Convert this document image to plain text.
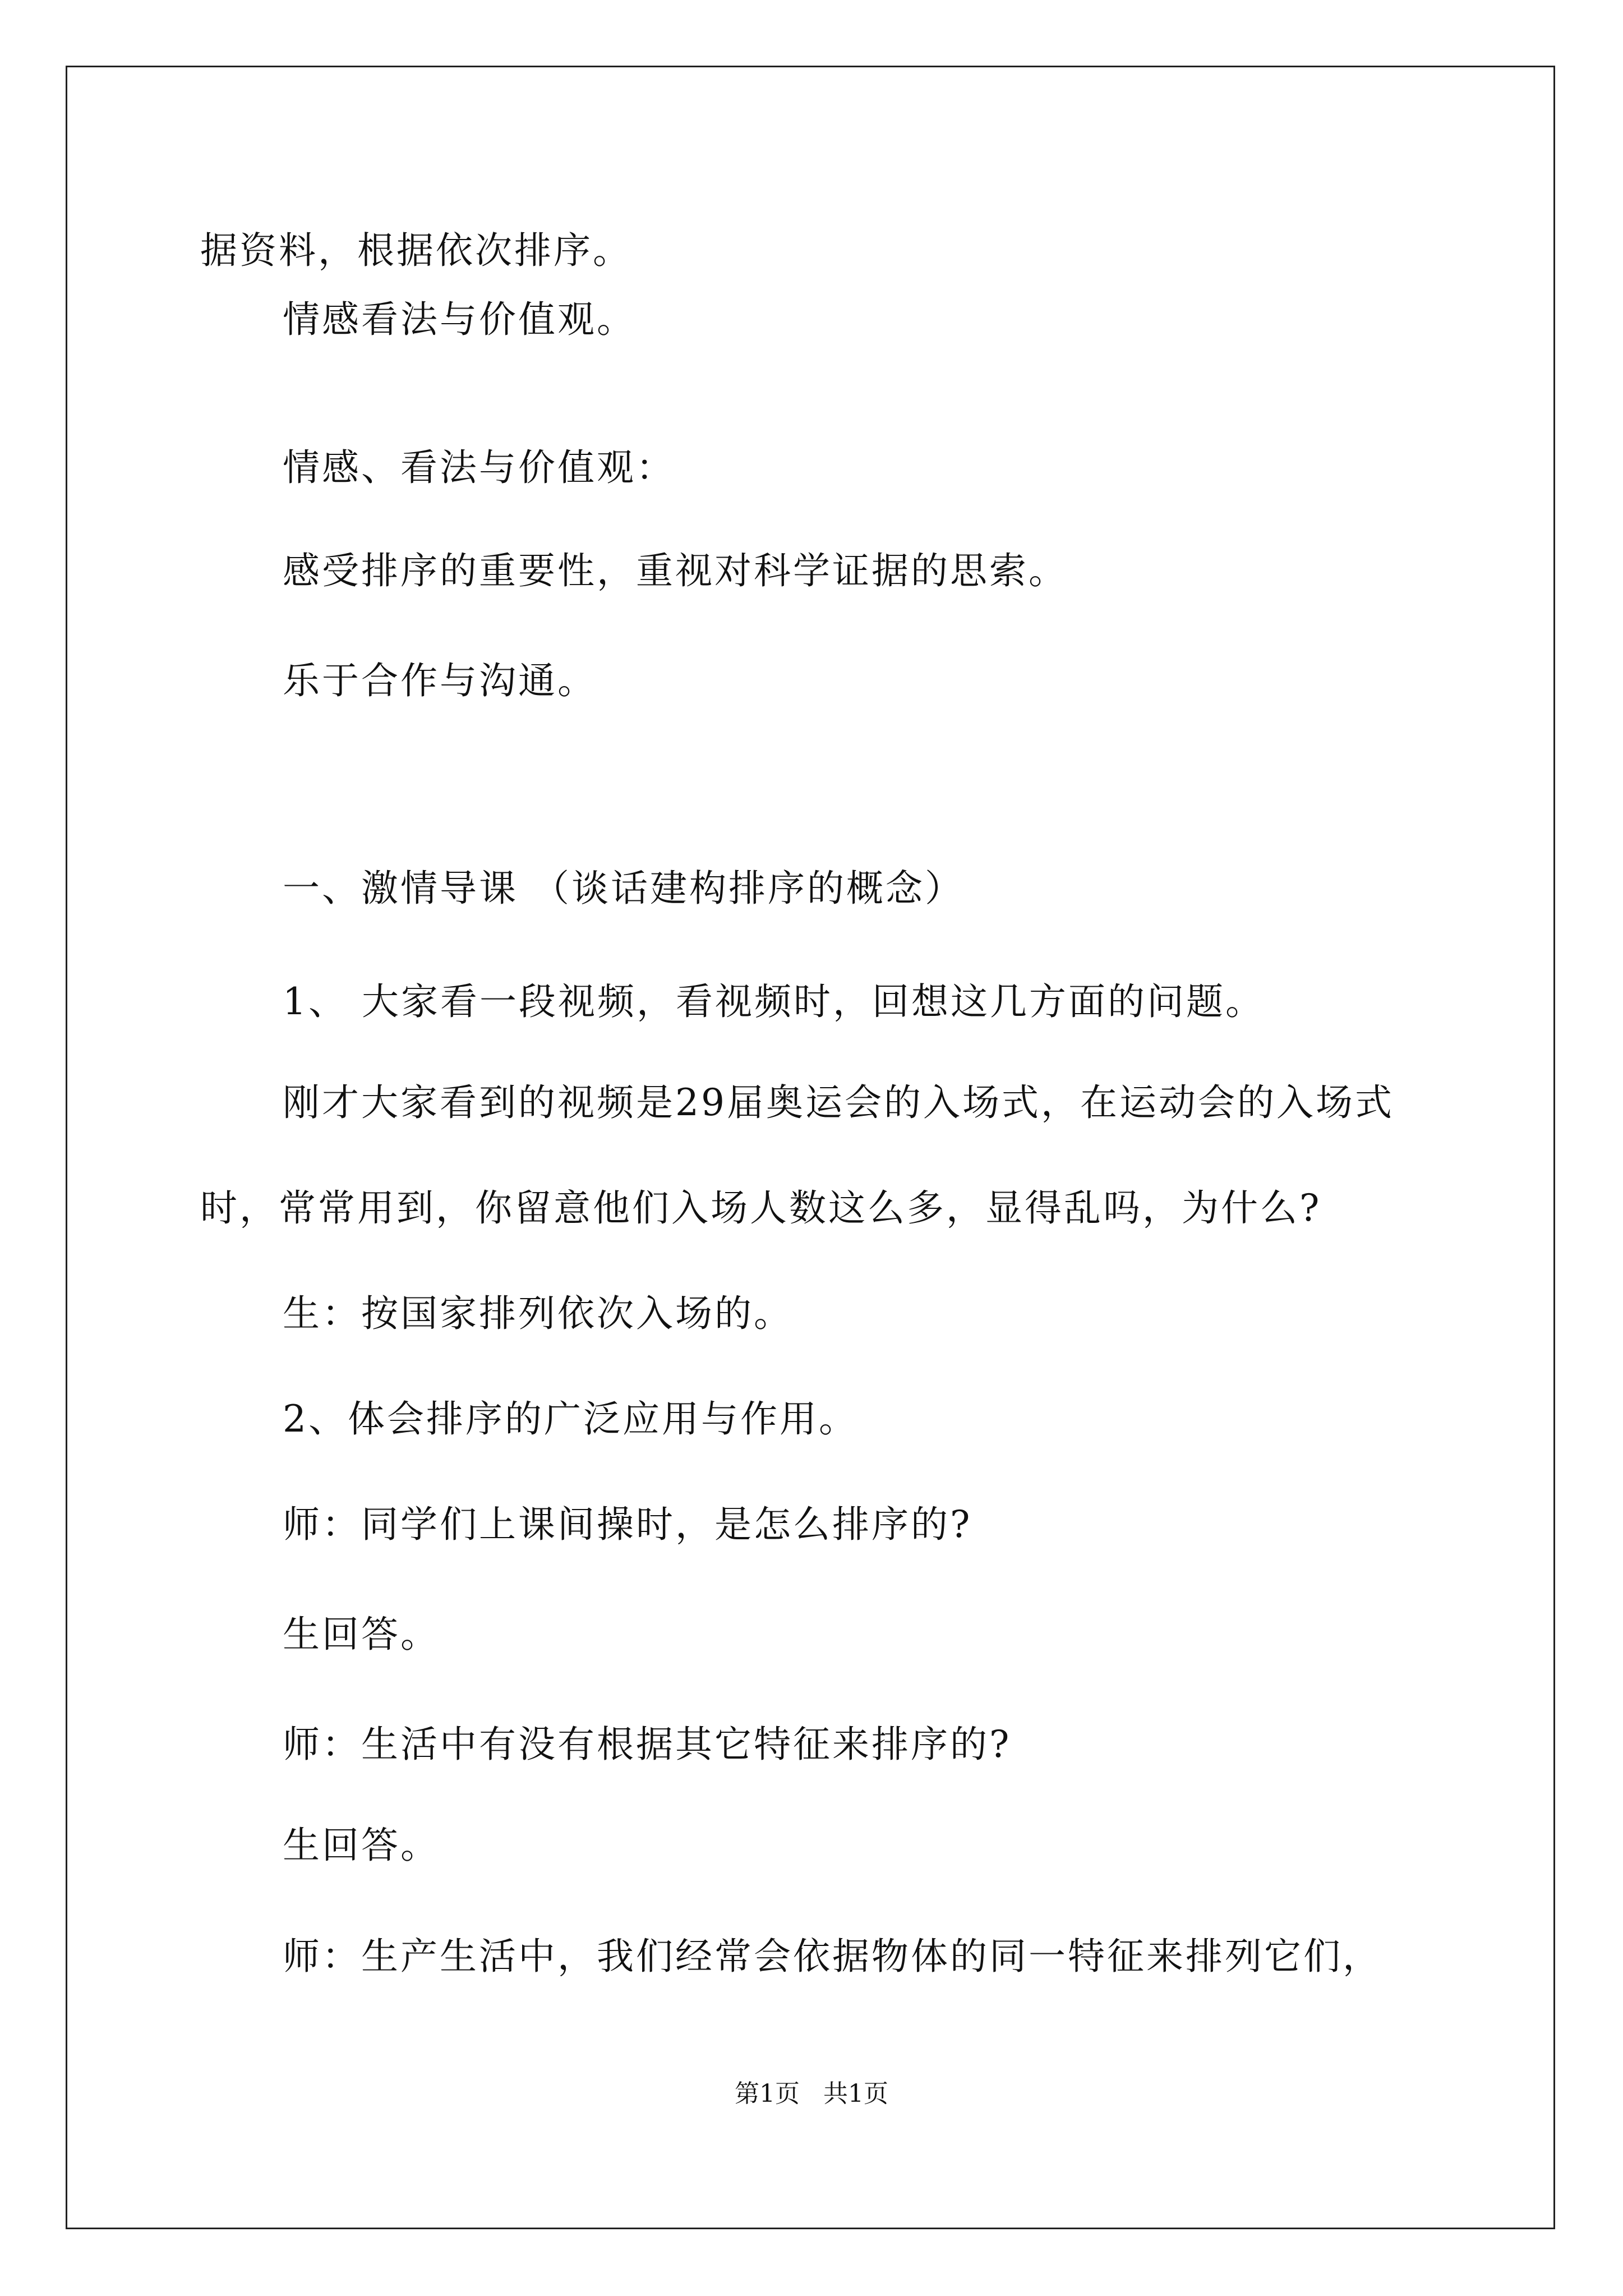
据资料，根据依次排序。
情感看法与价值观。
情感、看法与价值观：
感受排序的重要性，重视对科学证据的思索。
乐于合作与沟通。
一、激情导课 （谈话建构排序的概念）
1、 大家看一段视频，看视频时，回想这几方面的问题。
刚才大家看到的视频是29届奥运会的入场式，在运动会的入场式
时，常常用到，你留意他们入场人数这么多，显得乱吗，为什么?
生：按国家排列依次入场的。
2、体会排序的广泛应用与作用。
师：同学们上课间操时，是怎么排序的?
生回答。
师：生活中有没有根据其它特征来排序的?
生回答。
师：生产生活中，我们经常会依据物体的同一特征来排列它们，
第1页   共1页
